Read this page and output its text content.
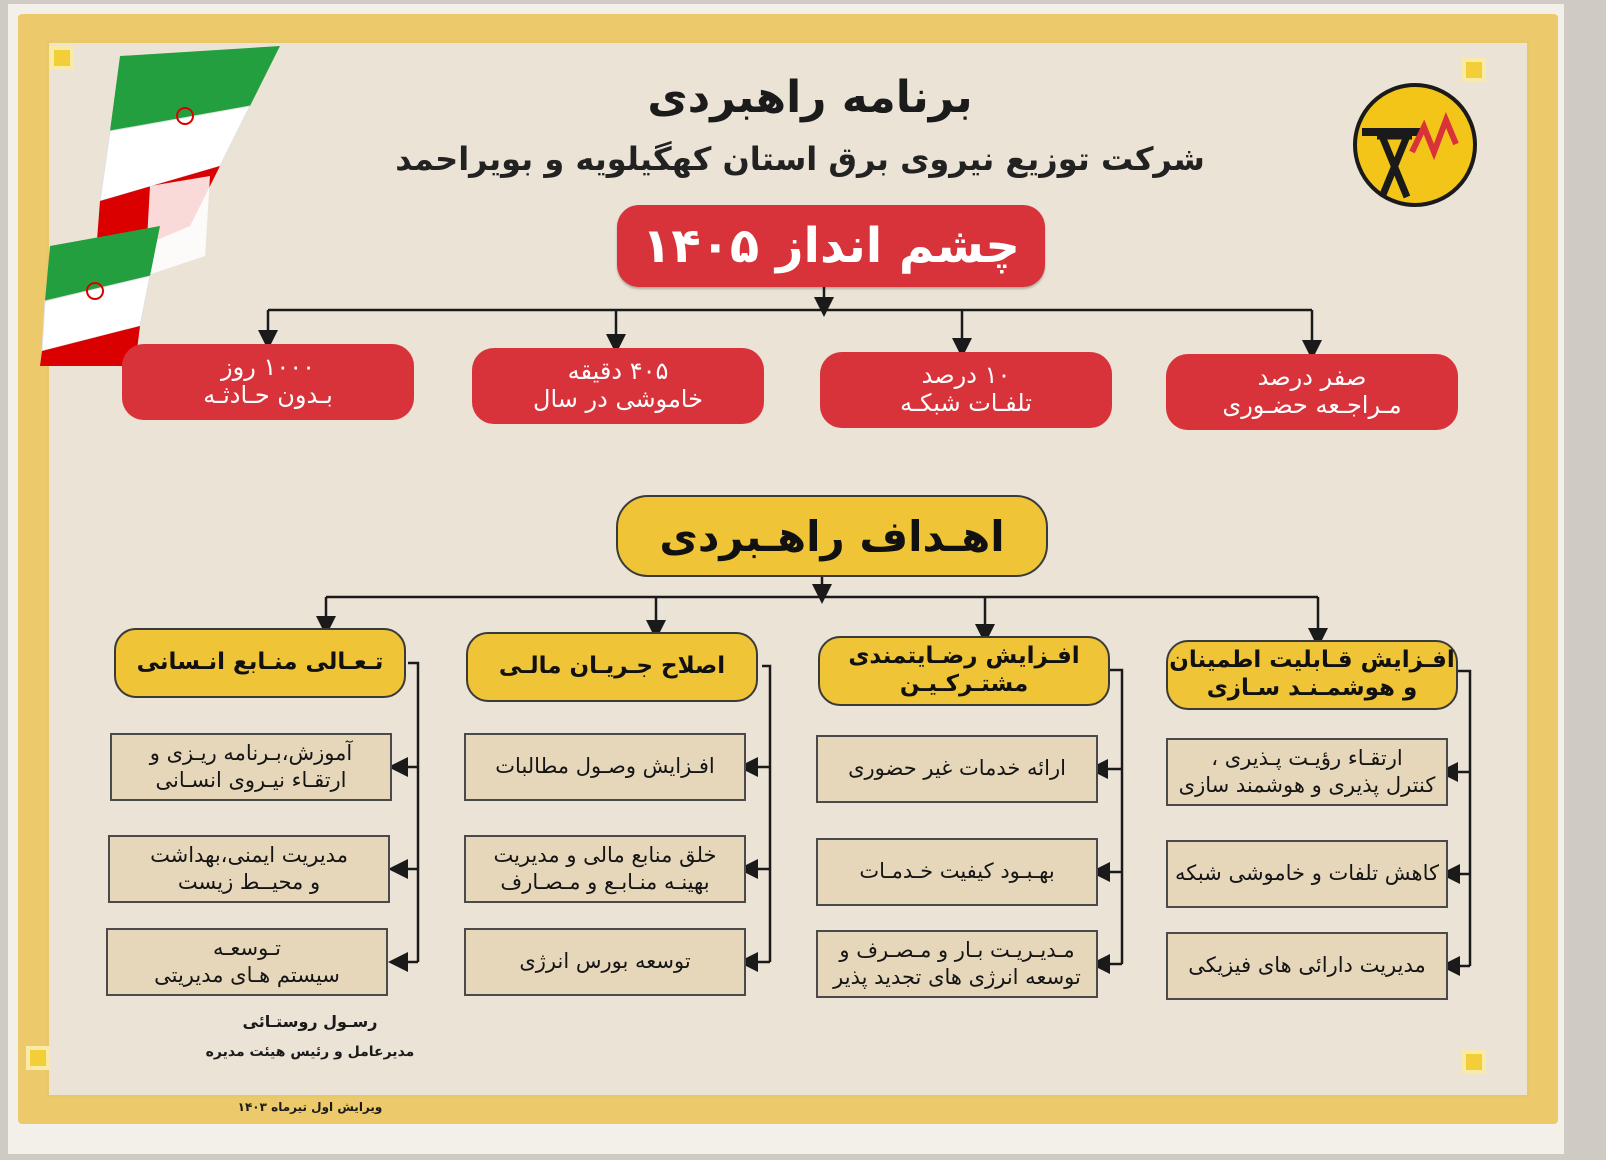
برنامه راهبردی
شرکت توزیع نیروی برق استان کهگیلویه و بویراحمد
چشم انداز ۱۴۰۵
صفر درصد
مـراجـعه حضـوری
۱۰ درصد
تلفـات شبکـه
۴۰۵ دقیقه
خاموشی در سال
۱۰۰۰ روز
بـدون حـادثـه
اهـداف راهـبردی
افـزایش قـابلیت اطمینان
و هوشمـنـد سـازی
افـزایش رضـایتمندی
مشتـرکـیـن
اصلاح جـریـان مالـی
تـعـالی منـابع انـسانی
ارتقـاء رؤیـت پـذیری ،
کنترل پذیری و هوشمند سازی
کاهش تلفات و خاموشی شبکه
مدیریت دارائی های فیزیکی
ارائه خدمات غیر حضوری
بهـبـود کیفیت خـدمـات
مـدیـریـت بـار و مـصـرف و
توسعه انرژی های تجدید پذیر
افـزایش وصـول مطالبات
خلق منابع مالی و مدیریت
بهینـه منـابـع و مـصـارف
توسعه بورس انرژی
آموزش،بـرنامه ریـزی و
ارتقـاء نیـروی انسـانی
مدیریت ایمنی،بهداشت
و محیــط زیست
تـوسعـه
سیستم هـای مدیریتی
رسـول روستـائی
مدیرعامل و رئیس هیئت مدیره
ویرایش اول تیرماه ۱۴۰۳
